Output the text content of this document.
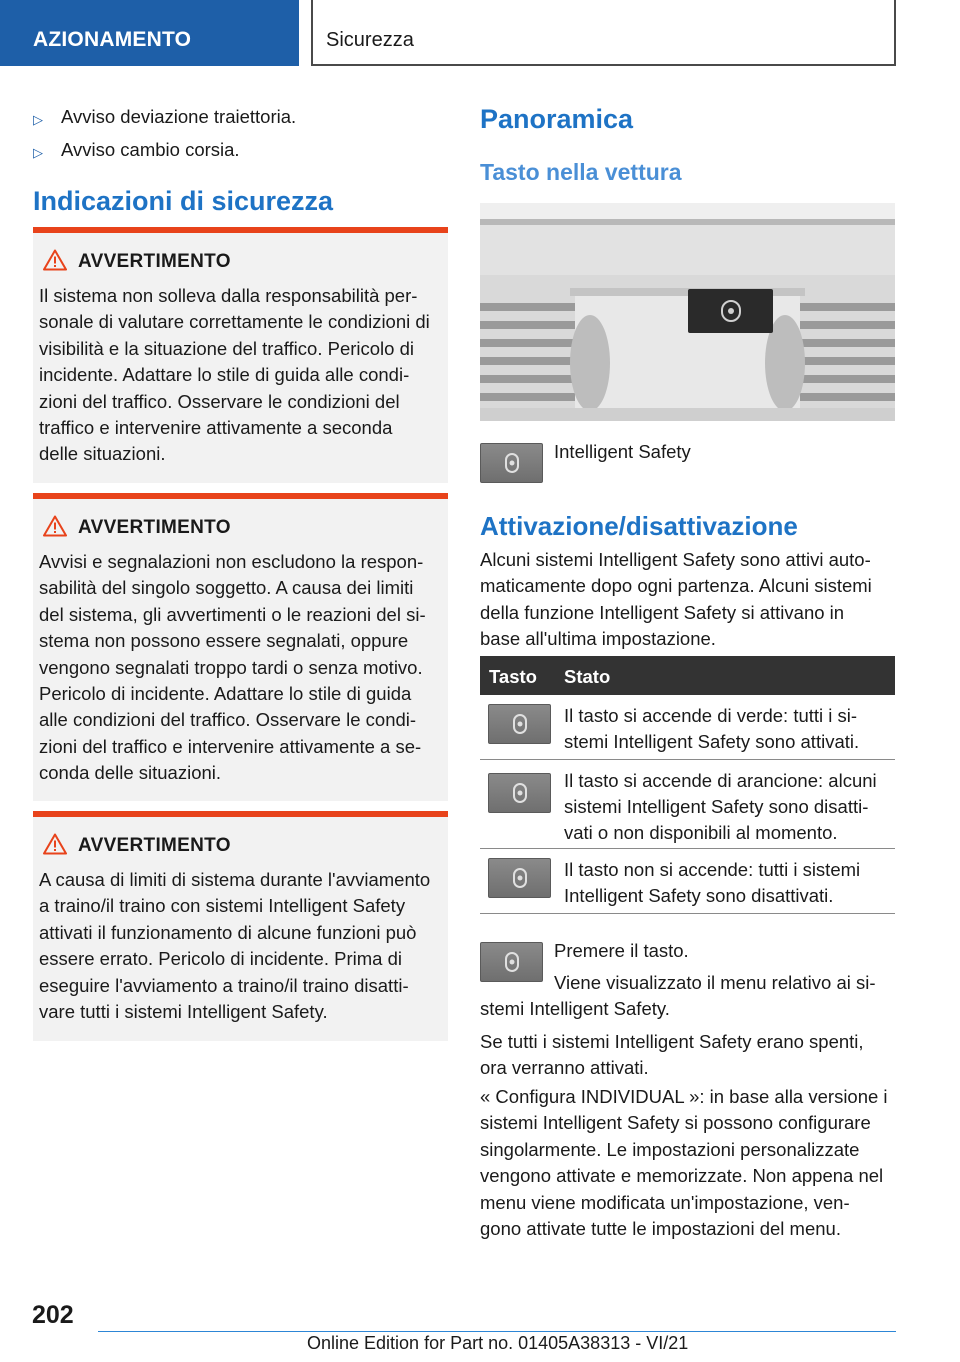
AZIONAMENTO	Sicurezza
▷ Avviso deviazione traiettoria.
▷ Avviso cambio corsia.
Indicazioni di sicurezza
AVVERTIMENTO
Il sistema non solleva dalla responsabilità per-
sonale di valutare correttamente le condizioni di
visibilità e la situazione del traffico. Pericolo di
incidente. Adattare lo stile di guida alle condi-
zioni del traffico. Osservare le condizioni del
traffico e intervenire attivamente a seconda
delle situazioni.
AVVERTIMENTO
Avvisi e segnalazioni non escludono la respon-
sabilità del singolo soggetto. A causa dei limiti
del sistema, gli avvertimenti o le reazioni del si-
stema non possono essere segnalati, oppure
vengono segnalati troppo tardi o senza motivo.
Pericolo di incidente. Adattare lo stile di guida
alle condizioni del traffico. Osservare le condi-
zioni del traffico e intervenire attivamente a se-
conda delle situazioni.
AVVERTIMENTO
A causa di limiti di sistema durante l'avviamento
a traino/il traino con sistemi Intelligent Safety
attivati il funzionamento di alcune funzioni può
essere errato. Pericolo di incidente. Prima di
eseguire l'avviamento a traino/il traino disatti-
vare tutti i sistemi Intelligent Safety.
Panoramica
Tasto nella vettura
Intelligent Safety
Attivazione/disattivazione
Alcuni sistemi Intelligent Safety sono attivi auto-
maticamente dopo ogni partenza. Alcuni sistemi
della funzione Intelligent Safety si attivano in
base all'ultima impostazione.
Tasto Stato
Il tasto si accende di verde: tutti i si-
stemi Intelligent Safety sono attivati.
Il tasto si accende di arancione: alcuni
sistemi Intelligent Safety sono disatti-
vati o non disponibili al momento.
Il tasto non si accende: tutti i sistemi
Intelligent Safety sono disattivati.
Premere il tasto.
Viene visualizzato il menu relativo ai si-
stemi Intelligent Safety.
Se tutti i sistemi Intelligent Safety erano spenti,
ora verranno attivati.
« Configura INDIVIDUAL »: in base alla versione i
sistemi Intelligent Safety si possono configurare
singolarmente. Le impostazioni personalizzate
vengono attivate e memorizzate. Non appena nel
menu viene modificata un'impostazione, ven-
gono attivate tutte le impostazioni del menu.
202
Online Edition for Part no. 01405A38313 - VI/21
